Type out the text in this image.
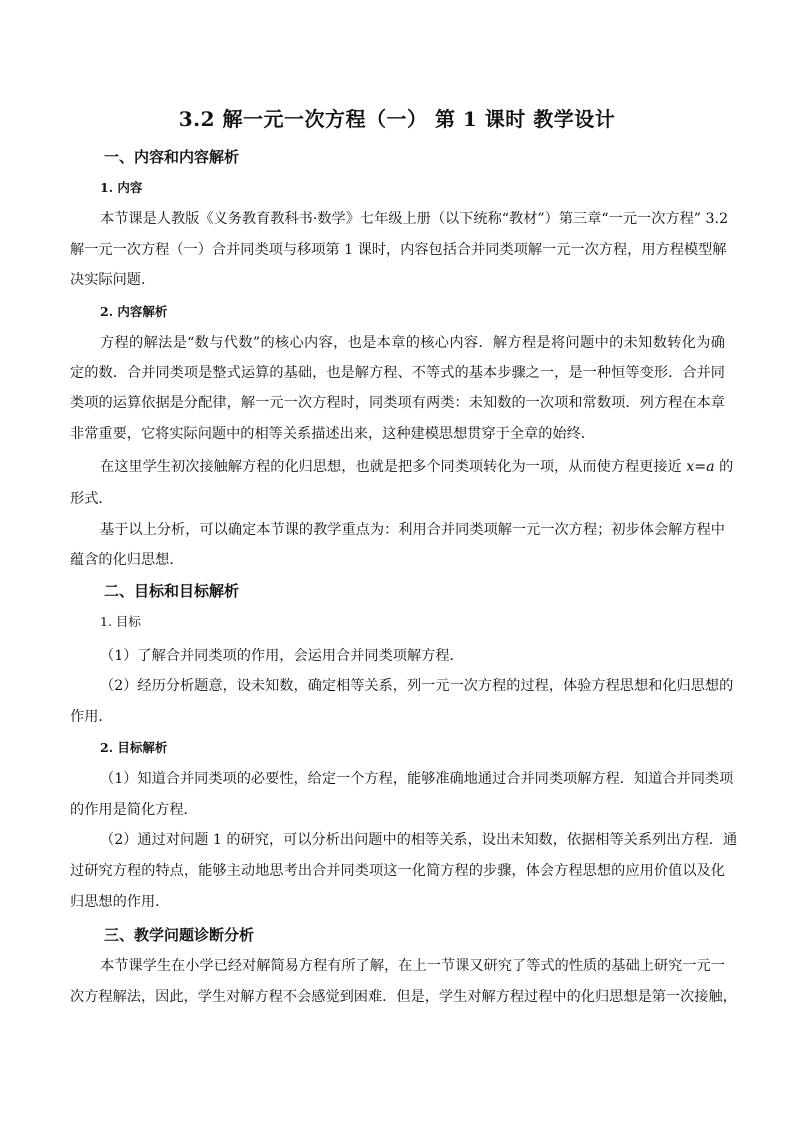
3.2 解一元一次方程（一） 第 1 课时 教学设计
一、内容和内容解析
1. 内容
本节课是人教版《义务教育教科书·数学》七年级上册（以下统称“教材”）第三章“一元一次方程” 3.2
解一元一次方程（一）合并同类项与移项第 1 课时，内容包括合并同类项解一元一次方程，用方程模型解
决实际问题.
2. 内容解析
方程的解法是“数与代数”的核心内容，也是本章的核心内容．解方程是将问题中的未知数转化为确
定的数．合并同类项是整式运算的基础，也是解方程、不等式的基本步骤之一，是一种恒等变形．合并同
类项的运算依据是分配律，解一元一次方程时，同类项有两类：未知数的一次项和常数项．列方程在本章
非常重要，它将实际问题中的相等关系描述出来，这种建模思想贯穿于全章的始终．
在这里学生初次接触解方程的化归思想，也就是把多个同类项转化为一项，从而使方程更接近 x=a 的
形式．
基于以上分析，可以确定本节课的教学重点为：利用合并同类项解一元一次方程；初步体会解方程中
蕴含的化归思想．
二、目标和目标解析
1. 目标
（1）了解合并同类项的作用，会运用合并同类项解方程．
（2）经历分析题意，设未知数，确定相等关系，列一元一次方程的过程，体验方程思想和化归思想的
作用．
2. 目标解析
（1）知道合并同类项的必要性，给定一个方程，能够准确地通过合并同类项解方程．知道合并同类项
的作用是简化方程．
（2）通过对问题 1 的研究，可以分析出问题中的相等关系，设出未知数，依据相等关系列出方程．通
过研究方程的特点，能够主动地思考出合并同类项这一化简方程的步骤，体会方程思想的应用价值以及化
归思想的作用．
三、教学问题诊断分析
本节课学生在小学已经对解简易方程有所了解，在上一节课又研究了等式的性质的基础上研究一元一
次方程解法，因此，学生对解方程不会感觉到困难．但是，学生对解方程过程中的化归思想是第一次接触，
